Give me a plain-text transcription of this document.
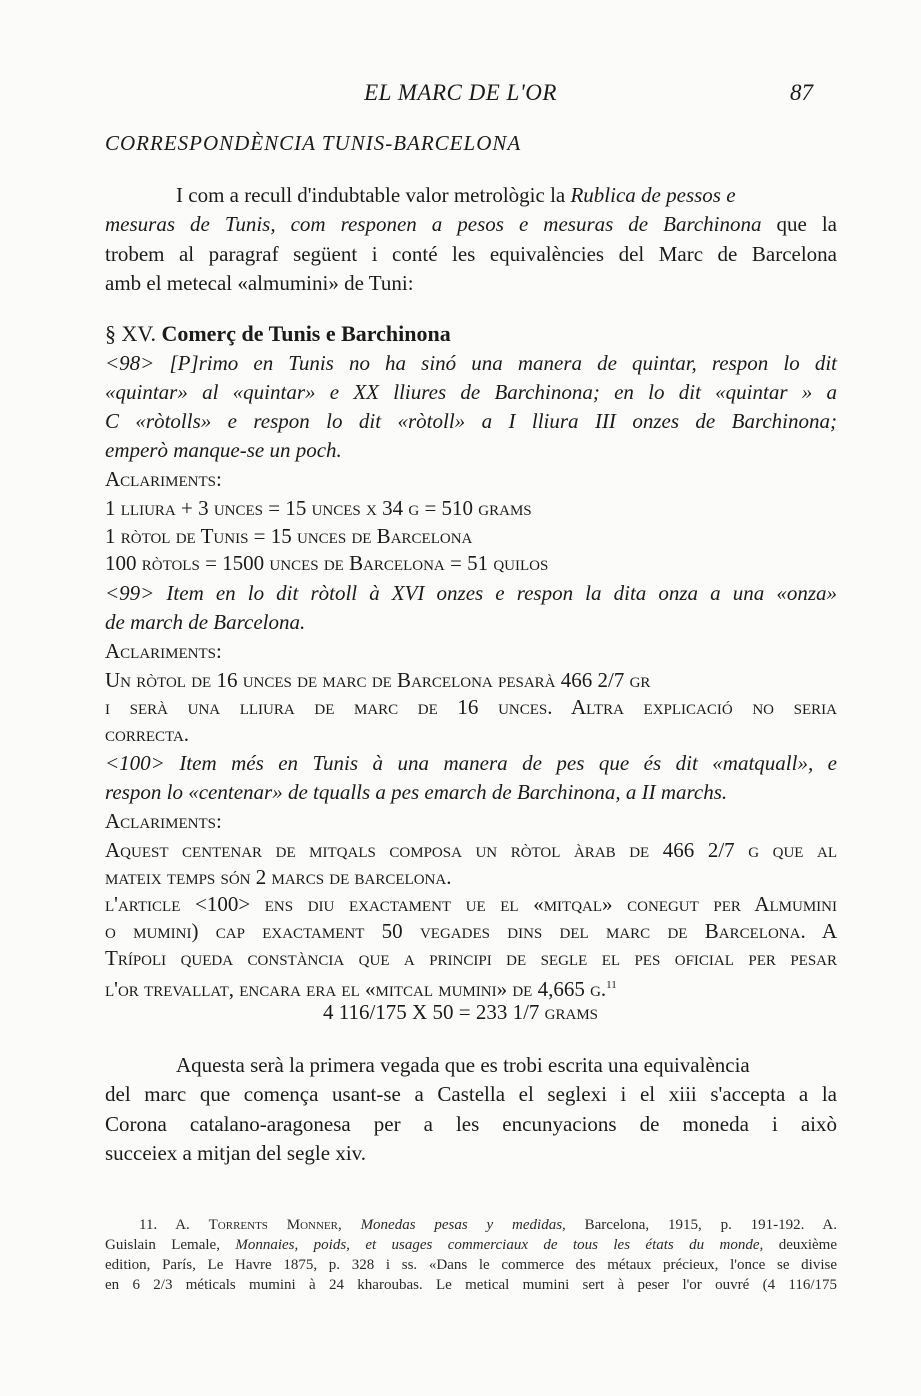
EL MARC DE L'OR	87
CORRESPONDÈNCIA TUNIS-BARCELONA
I com a recull d'indubtable valor metrològic la Rublica de pessos e
mesuras de Tunis, com responen a pesos e mesuras de Barchinona que la
trobem al paragraf següent i conté les equivalències del Marc de Barcelona
amb el metecal «almumini» de Tuni:
§ XV. Comerç de Tunis e Barchinona
<98> [P]rimo en Tunis no ha sinó una manera de quintar, respon lo dit
«quintar» al «quintar» e XX lliures de Barchinona; en lo dit «quintar » a
C «ròtolls» e respon lo dit «ròtoll» a I lliura III onzes de Barchinona;
emperò manque-se un poch.
Aclariments:
1 lliura + 3 unces = 15 unces x 34 g = 510 grams
1 ròtol de Tunis = 15 unces de Barcelona
100 ròtols = 1500 unces de Barcelona = 51 quilos
<99> Item en lo dit ròtoll à XVI onzes e respon la dita onza a una «onza»
de march de Barcelona.
Aclariments:
Un ròtol de 16 unces de marc de Barcelona pesarà 466 2/7 gr
i serà una lliura de marc de 16 unces. Altra explicació no seria
correcta.
<100> Item més en Tunis à una manera de pes que és dit «matquall», e
respon lo «centenar» de tqualls a pes emarch de Barchinona, a II marchs.
Aclariments:
Aquest centenar de mitqals composa un ròtol àrab de 466 2/7 g que al
mateix temps són 2 marcs de barcelona.
l'article <100> ens diu exactament ue el «mitqal» conegut per Almumini
o mumini) cap exactament 50 vegades dins del marc de Barcelona. A
Trípoli queda constància que a principi de segle el pes oficial per pesar
l'or trevallat, encara era el «mitcal mumini» de 4,665 g.$^{11}$
4 116/175 X 50 = 233 1/7 grams
Aquesta serà la primera vegada que es trobi escrita una equivalència
del marc que comença usant-se a Castella el seglexi i el xiii s'accepta a la
Corona catalano-aragonesa per a les encunyacions de moneda i això
succeiex a mitjan del segle xiv.
11. A. Torrents Monner, Monedas pesas y medidas, Barcelona, 1915, p. 191-192. A.
Guislain Lemale, Monnaies, poids, et usages commerciaux de tous les états du monde, deuxième
edition, París, Le Havre 1875, p. 328 i ss. «Dans le commerce des métaux précieux, l'once se divise
en 6 2/3 méticals mumini à 24 kharoubas. Le metical mumini sert à peser l'or ouvré (4 116/175
